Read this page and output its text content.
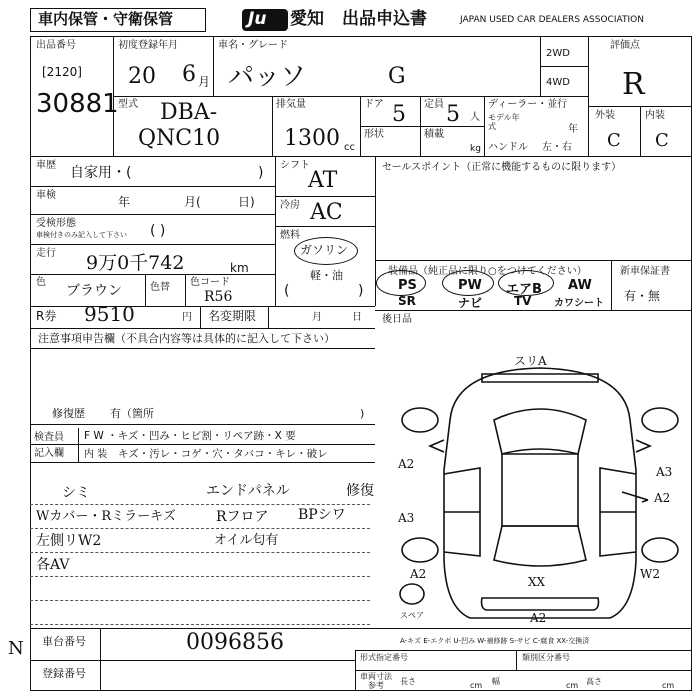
車内保管・守衛保管	Ju 愛知 出品申込書	JAPAN USED CAR DEALERS ASSOCIATION
出品番号
[2120]
30881
初度登録年月
20 6 月
車名・グレード
パッソ	G
2WD
4WD
評価点
R
外装	内装
C C
型式 DBA-
QNC10
排気量
1300 cc
ドア 5 定員 5 人
形状	積載
kg
ディーラー・並行
モデル年式	年
ハンドル 左・右
車歴 自家用・(	)
車検	年	月(	日)
受検形態
車検付きのみ記入して下さい ( )
走行 9万0千742	km
色
ブラウン	色替 色コード
R56
シフト
AT
冷房 AC
燃料
ガソリン
(
軽・油
)
セールスポイント（正常に機能するものに限ります）
装備品（純正品に限り○をつけてください）
PS	PW エアB AW
SR	ナビ	TV カワシート
新車保証書
有・無
R券 9510	円 名変期限	月	日 後日品
注意事項申告欄（不具合内容等は具体的に記入して下さい）
修復歴 有（箇所	)
検査員
記入欄
F W ・キズ・凹み・ヒビ割・リペア跡・X 要
内 装 キズ・汚レ・コゲ・穴・タバコ・キレ・破レ
シミ	エンドパネル	修復
Wカバー・Rミラーキズ	Rフロア BPシワ
左側リW2	オイル匂有
各AV
スリA
A2
A3
A3
A2
A2	W2
XX
A2
スペア
A-キズ E-エクボ U-凹み W-補修跡 S-サビ C-腐食 XX-交換済
車台番号	0096856
登録番号
形式指定番号	類別区分番号
車両寸法
参考 長さ	cm 幅	cm 高さ	cm
N
